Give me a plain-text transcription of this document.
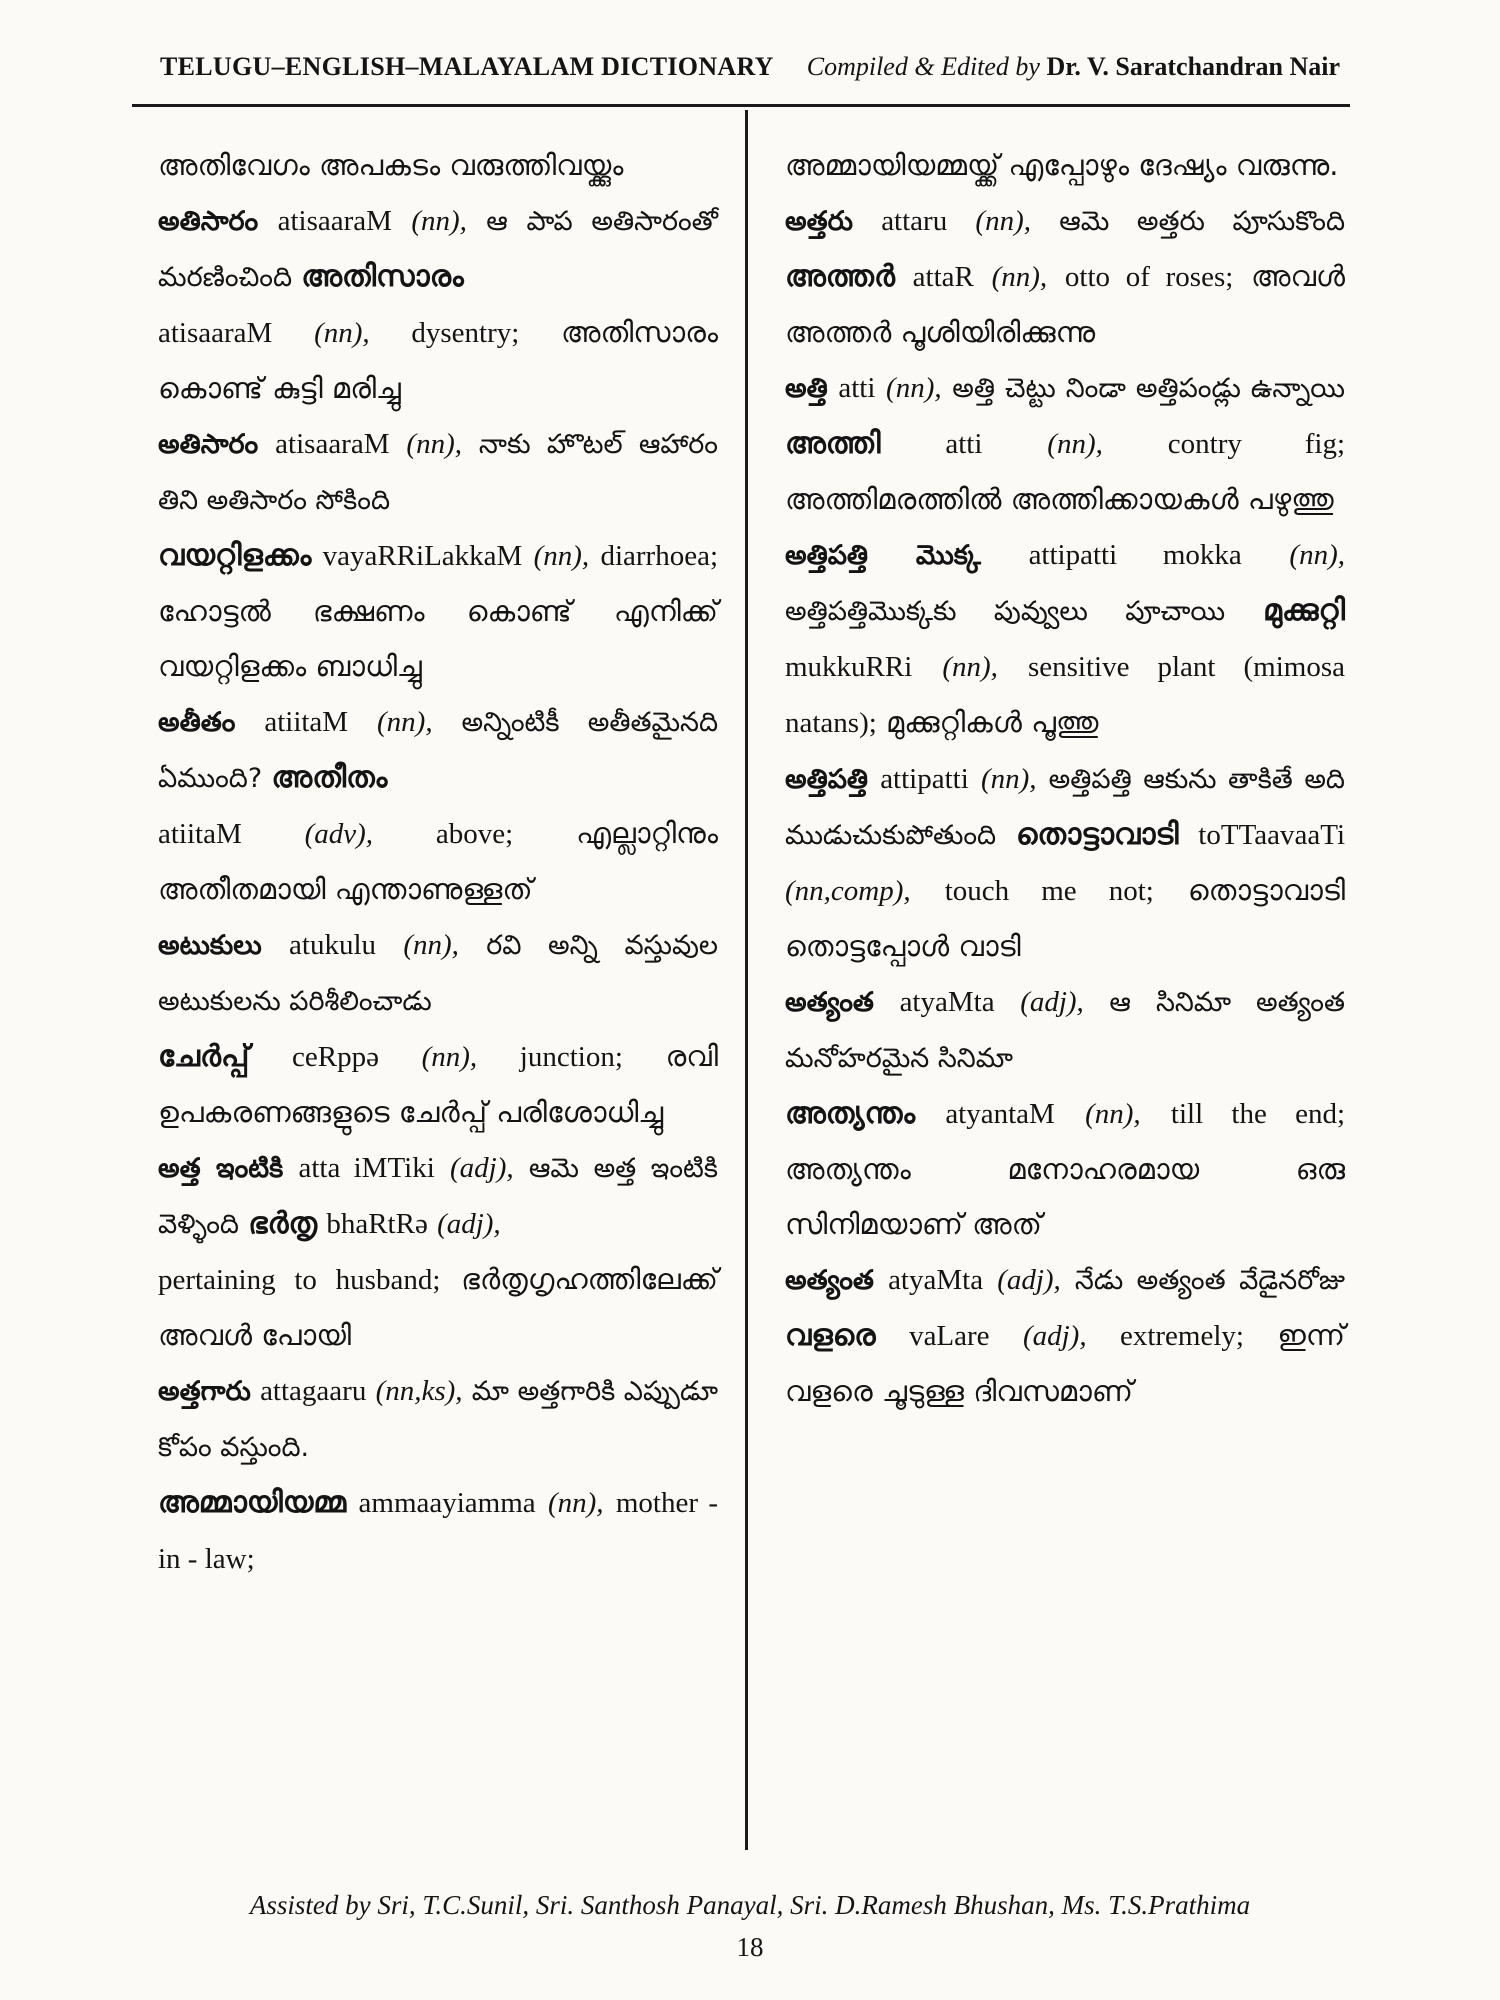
TELUGU–ENGLISH–MALAYALAM DICTIONARY Compiled & Edited by Dr. V. Saratchandran Nair

അതിവേഗം അപകടം വരുത്തിവയ്ക്കും

అతిసారం atisaaraM (nn), ఆ పాప అతిసారంతో మరణించింది അതിസാരം

atisaaraM (nn), dysentry; അതിസാരം കൊണ്ട് കുട്ടി മരിച്ചു

అతిసారం atisaaraM (nn), నాకు హొటల్ ఆహారం తిని అతిసారం సోకింది

വയറ്റിളക്കം vayaRRiLakkaM (nn), diarrhoea; ഹോട്ടൽ ഭക്ഷണം കൊണ്ട് എനിക്ക് വയറ്റിളക്കം ബാധിച്ചു

అతీతం atiitaM (nn), అన్నింటికీ అతీతమైనది ఏముంది? അതീതം

atiitaM (adv), above; എല്ലാറ്റിനും അതീതമായി എന്താണുള്ളത്

అటుకులు atukulu (nn), రవి అన్ని వస్తువుల అటుకులను పరిశీలించాడు

ചേർപ്പ് ceRppə (nn), junction; രവി ഉപകരണങ്ങളുടെ ചേർപ്പ് പരിശോധിച്ചു

అత్త ఇంటికి atta iMTiki (adj), ఆమె అత్త ఇంటికి వెళ్ళింది ഭർതൃ bhaRtRə (adj),

pertaining to husband; ഭർതൃഗൃഹത്തിലേക്ക് അവൾ പോയി

అత్తగారు attagaaru (nn,ks), మా అత్తగారికి ఎప్పుడూ కోపం వస్తుంది.

അമ്മായിയമ്മ ammaayiamma (nn), mother - in - law;

അമ്മായിയമ്മയ്ക്ക് എപ്പോഴും ദേഷ്യം വരുന്നു.

అత్తరు attaru (nn), ఆమె అత్తరు పూసుకొంది അത്തർ attaR (nn), otto of roses; അവൾ അത്തർ പൂശിയിരിക്കുന്നു

అత్తి atti (nn), అత్తి చెట్టు నిండా అత్తిపండ్లు ఉన్నాయి അത്തി atti (nn), contry fig; അത്തിമരത്തിൽ അത്തിക്കായകൾ പഴുത്തു

అత్తిపత్తి మొక్క attipatti mokka (nn), అత్తిపత్తిమొక్కకు పువ్వులు పూచాయి മുക്കുറ്റി mukkuRRi (nn), sensitive plant (mimosa natans); മുക്കുറ്റികൾ പൂത്തു

అత్తిపత్తి attipatti (nn), అత్తిపత్తి ఆకును తాకితే అది ముడుచుకుపోతుంది തൊട്ടാവാടി toTTaavaaTi (nn,comp), touch me not; തൊട്ടാവാടി തൊട്ടപ്പോൾ വാടി

అత్యంత atyaMta (adj), ఆ సినిమా అత్యంత మనోహరమైన సినిమా

അത്യന്തം atyantaM (nn), till the end; അത്യന്തം മനോഹരമായ ഒരു സിനിമയാണ് അത്

అత్యంత atyaMta (adj), నేడు అత్యంత వేడైనరోజు വളരെ vaLare (adj), extremely; ഇന്ന് വളരെ ചൂടുള്ള ദിവസമാണ്

Assisted by Sri, T.C.Sunil, Sri. Santhosh Panayal, Sri. D.Ramesh Bhushan, Ms. T.S.Prathima
18
